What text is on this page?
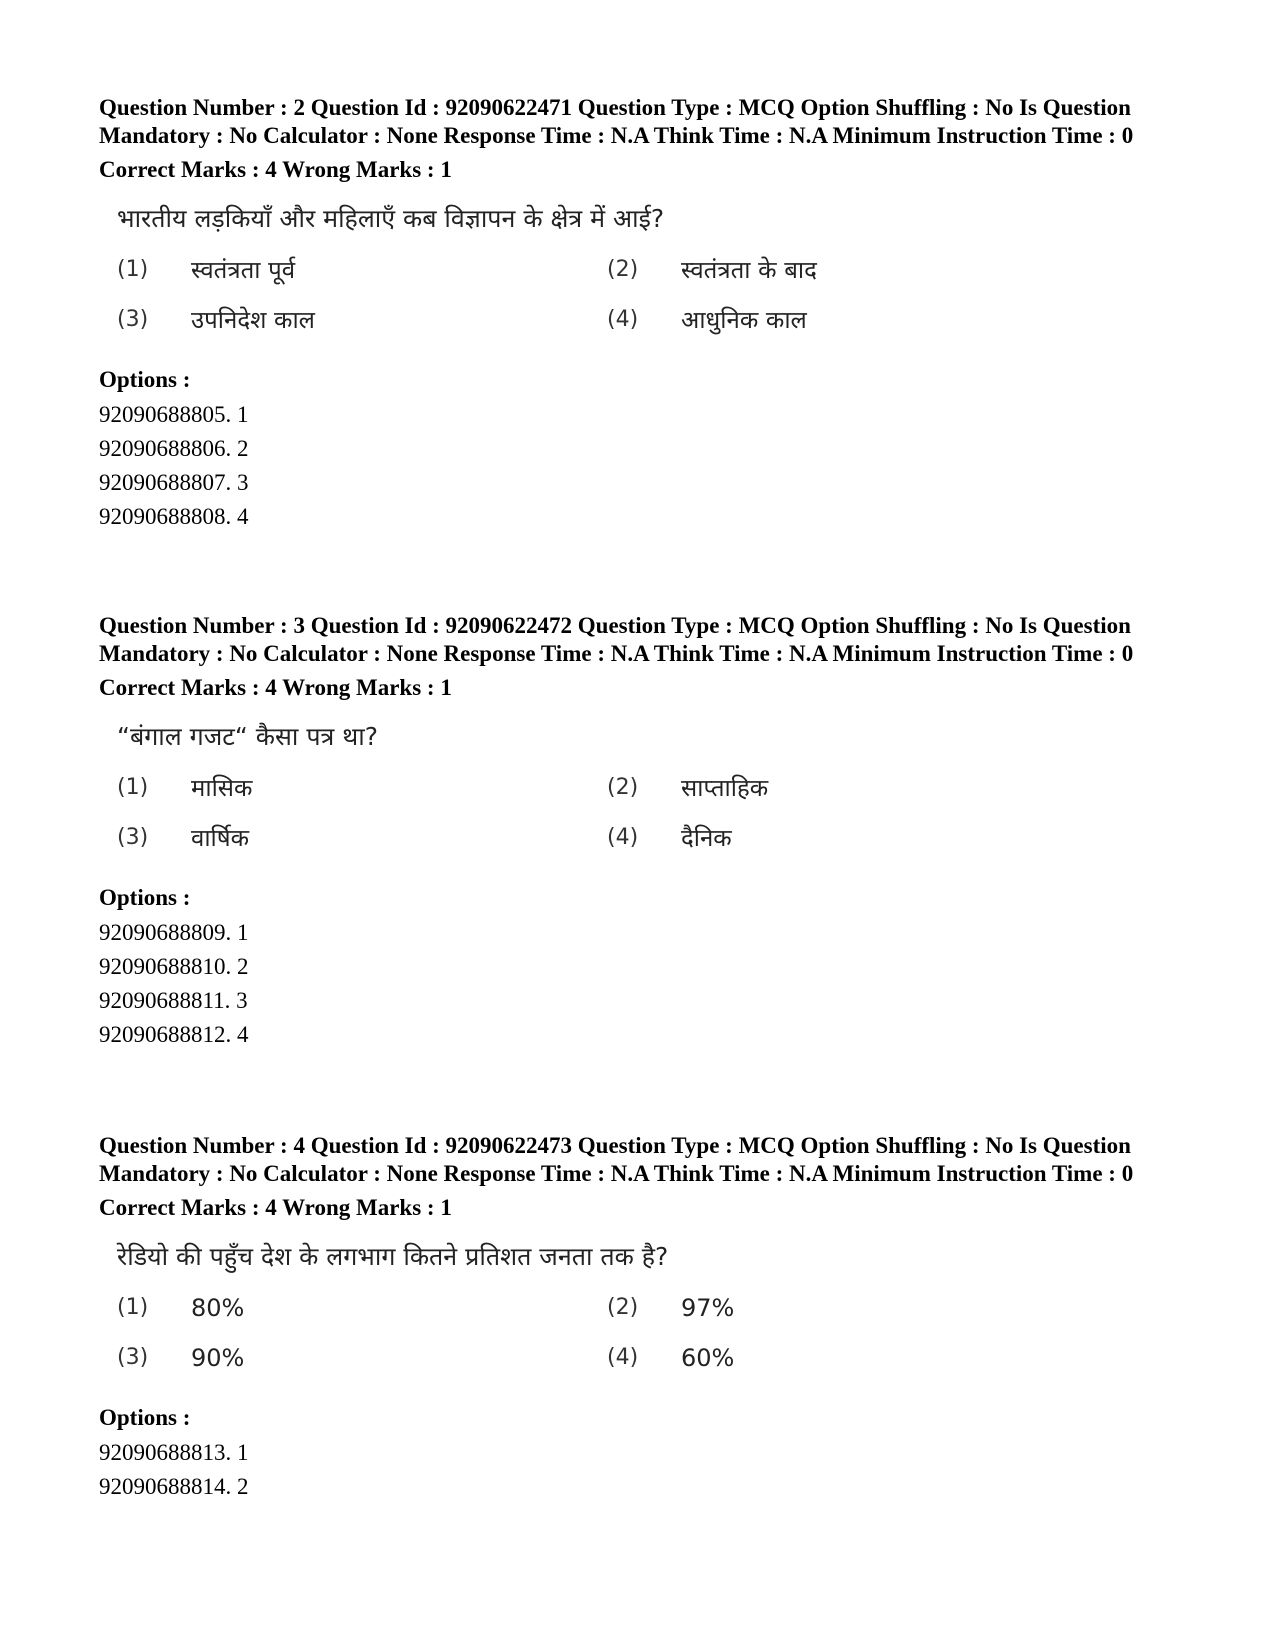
Question Number : 2 Question Id : 92090622471 Question Type : MCQ Option Shuffling : No Is Question Mandatory : No Calculator : None Response Time : N.A Think Time : N.A Minimum Instruction Time : 0

Correct Marks : 4 Wrong Marks : 1

भारतीय लड़कियाँ और महिलाएँ कब विज्ञापन के क्षेत्र में आई?
(1)	स्वतंत्रता पूर्व	(2)	स्वतंत्रता के बाद
(3)	उपनिदेश काल	(4)	आधुनिक काल

Options :

92090688805. 1

92090688806. 2

92090688807. 3

92090688808. 4

Question Number : 3 Question Id : 92090622472 Question Type : MCQ Option Shuffling : No Is Question Mandatory : No Calculator : None Response Time : N.A Think Time : N.A Minimum Instruction Time : 0

Correct Marks : 4 Wrong Marks : 1

“बंगाल गजट“ कैसा पत्र था?
(1)	मासिक	(2)	साप्ताहिक
(3)	वार्षिक	(4)	दैनिक

Options :

92090688809. 1

92090688810. 2

92090688811. 3

92090688812. 4

Question Number : 4 Question Id : 92090622473 Question Type : MCQ Option Shuffling : No Is Question Mandatory : No Calculator : None Response Time : N.A Think Time : N.A Minimum Instruction Time : 0

Correct Marks : 4 Wrong Marks : 1

रेडियो की पहुँच देश के लगभाग कितने प्रतिशत जनता तक है?
(1)	80%	(2)	97%
(3)	90%	(4)	60%

Options :

92090688813. 1

92090688814. 2
